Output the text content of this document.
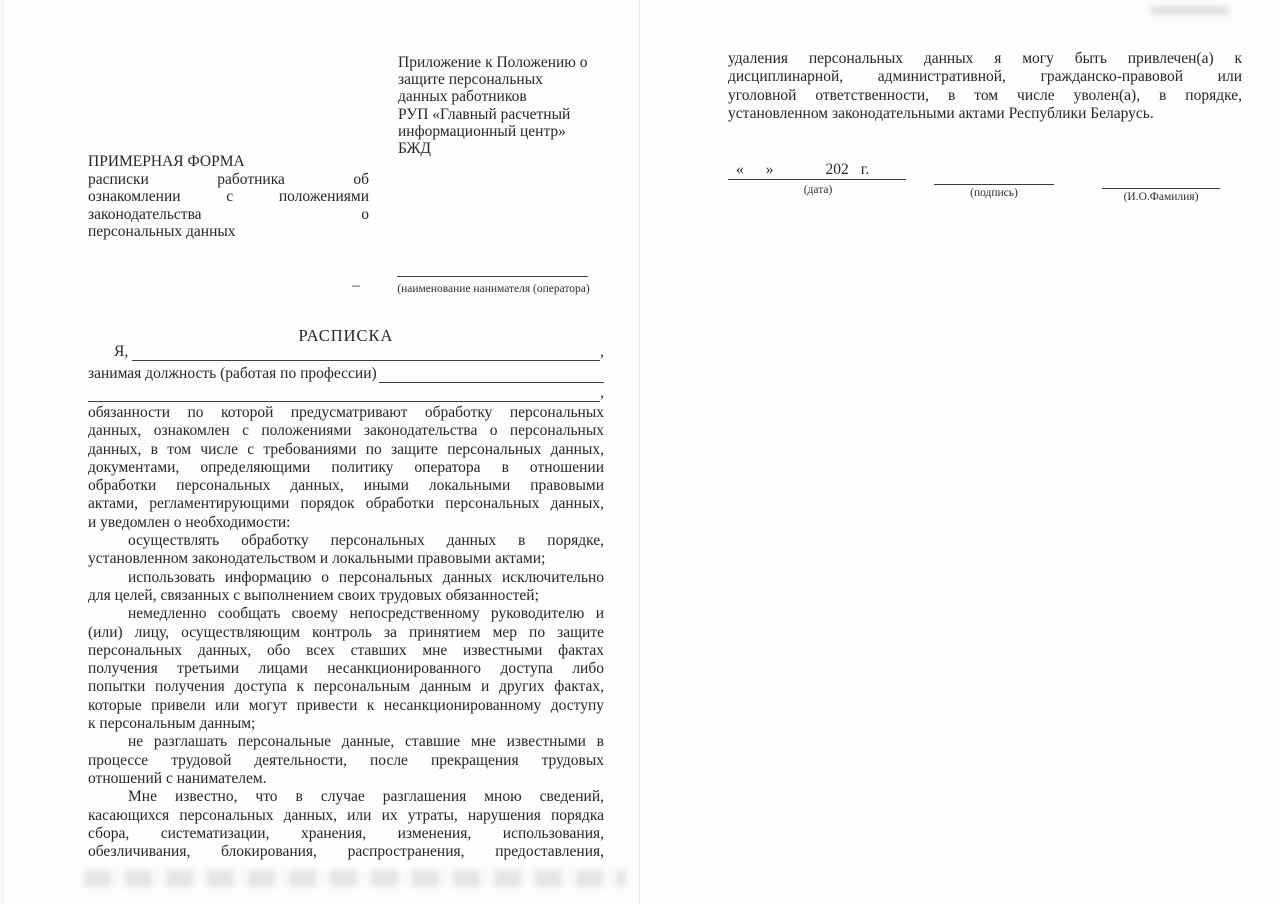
Приложение к Положению о
защите персональных
данных работников
РУП «Главный расчетный
информационный центр»
БЖД
ПРИМЕРНАЯ ФОРМА
расписки работника об
ознакомлении с положениями
законодательства о
персональных данных
–	(наименование нанимателя (оператора)
РАСПИСКА
Я,	,
занимая должность (работая по профессии)
,
обязанности по которой предусматривают обработку персональных
данных, ознакомлен с положениями законодательства о персональных
данных, в том числе с требованиями по защите персональных данных,
документами, определяющими политику оператора в отношении
обработки персональных данных, иными локальными правовыми
актами, регламентирующими порядок обработки персональных данных,
и уведомлен о необходимости:
осуществлять обработку персональных данных в порядке,
установленном законодательством и локальными правовыми актами;
использовать информацию о персональных данных исключительно
для целей, связанных с выполнением своих трудовых обязанностей;
немедленно сообщать своему непосредственному руководителю и
(или) лицу, осуществляющим контроль за принятием мер по защите
персональных данных, обо всех ставших мне известными фактах
получения третьими лицами несанкционированного доступа либо
попытки получения доступа к персональным данным и других фактах,
которые привели или могут привести к несанкционированному доступу
к персональным данным;
не разглашать персональные данные, ставшие мне известными в
процессе трудовой деятельности, после прекращения трудовых
отношений с нанимателем.
Мне известно, что в случае разглашения мною сведений,
касающихся персональных данных, или их утраты, нарушения порядка
сбора, систематизации, хранения, изменения, использования,
обезличивания, блокирования, распространения, предоставления,
удаления персональных данных я могу быть привлечен(а) к
дисциплинарной, административной, гражданско-правовой или
уголовной ответственности, в том числе уволен(а), в порядке,
установленном законодательными актами Республики Беларусь.
« »	202 г.
(дата)	(подпись)	(И.О.Фамилия)
